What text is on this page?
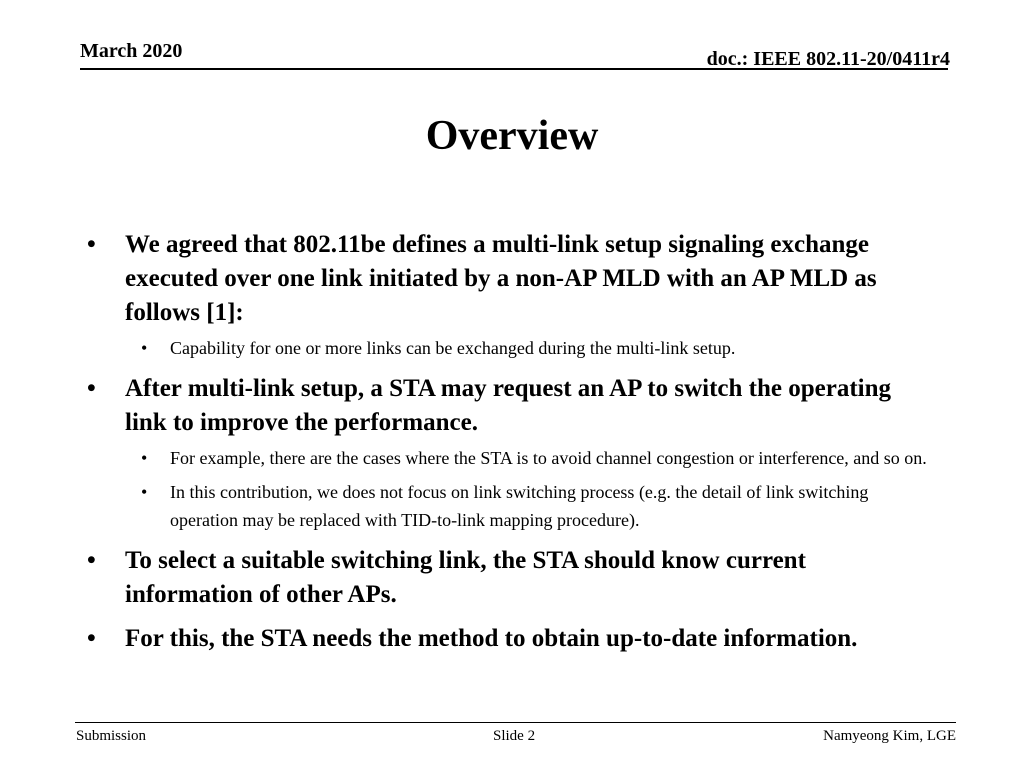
March 2020	doc.: IEEE 802.11-20/0411r4
Overview
• We agreed that 802.11be defines a multi-link setup signaling exchange executed over one link initiated by a non-AP MLD with an AP MLD as follows [1]:
• Capability for one or more links can be exchanged during the multi-link setup.
• After multi-link setup, a STA may request an AP to switch the operating link to improve the performance.
• For example, there are the cases where the STA is to avoid channel congestion or interference, and so on.
• In this contribution, we does not focus on link switching process (e.g. the detail of link switching operation may be replaced with TID-to-link mapping procedure).
• To select a suitable switching link, the STA should know current information of other APs.
• For this, the STA needs the method to obtain up-to-date information.
Submission	Slide 2	Namyeong Kim, LGE
